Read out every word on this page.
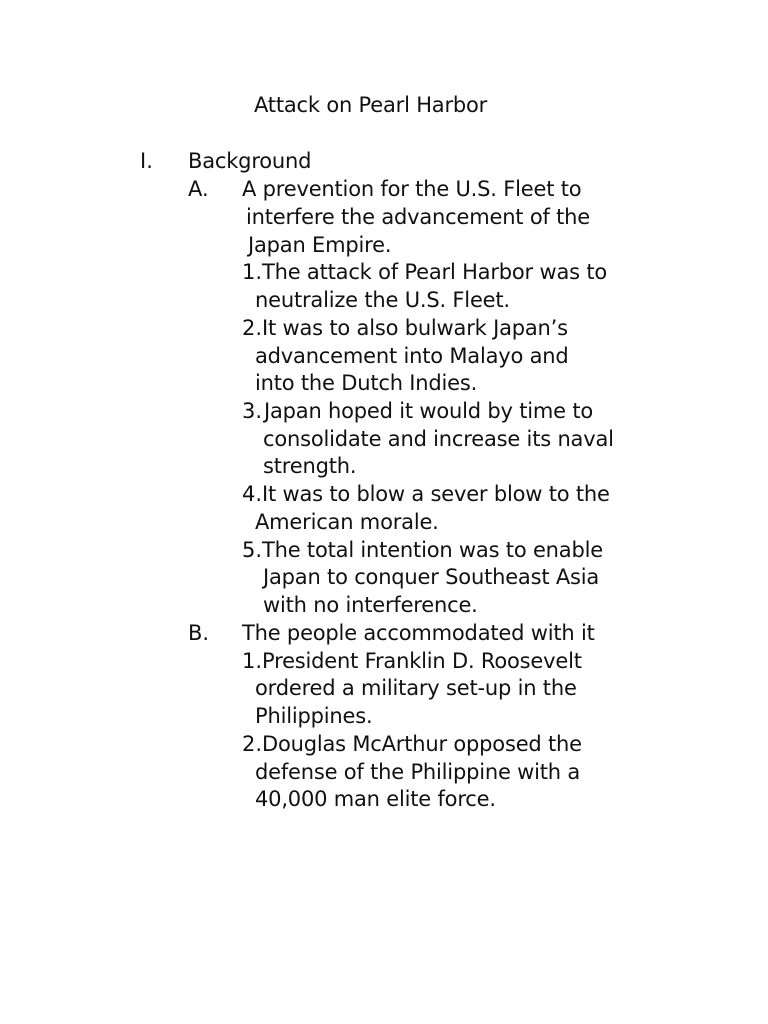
Attack on Pearl Harbor
I. Background
A. A prevention for the U.S. Fleet to
interfere the advancement of the
Japan Empire.
1. The attack of Pearl Harbor was to
neutralize the U.S. Fleet.
2. It was to also bulwark Japan’s
advancement into Malayo and
into the Dutch Indies.
3. Japan hoped it would by time to
consolidate and increase its naval
strength.
4. It was to blow a sever blow to the
American morale.
5. The total intention was to enable
Japan to conquer Southeast Asia
with no interference.
B. The people accommodated with it
1. President Franklin D. Roosevelt
ordered a military set-up in the
Philippines.
2. Douglas McArthur opposed the
defense of the Philippine with a
40,000 man elite force.
